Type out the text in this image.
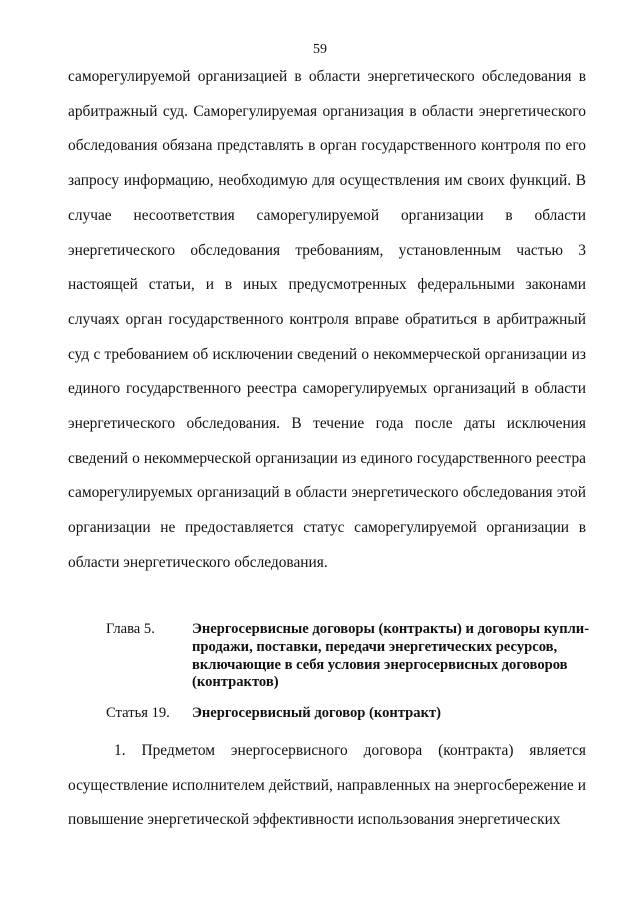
59

саморегулируемой организацией в области энергетического обследования в арбитражный суд. Саморегулируемая организация в области энергетического обследования обязана представлять в орган государственного контроля по его запросу информацию, необходимую для осуществления им своих функций. В случае несоответствия саморегулируемой организации в области энергетического обследования требованиям, установленным частью 3 настоящей статьи, и в иных предусмотренных федеральными законами случаях орган государственного контроля вправе обратиться в арбитражный суд с требованием об исключении сведений о некоммерческой организации из единого государственного реестра саморегулируемых организаций в области энергетического обследования. В течение года после даты исключения сведений о некоммерческой организации из единого государственного реестра саморегулируемых организаций в области энергетического обследования этой организации не предоставляется статус саморегулируемой организации в области энергетического обследования.

Глава 5.	Энергосервисные договоры (контракты) и договоры купли-продажи, поставки, передачи энергетических ресурсов, включающие в себя условия энергосервисных договоров (контрактов)
Статья 19.	Энергосервисный договор (контракт)

1. Предметом энергосервисного договора (контракта) является осуществление исполнителем действий, направленных на энергосбережение и повышение энергетической эффективности использования энергетических
